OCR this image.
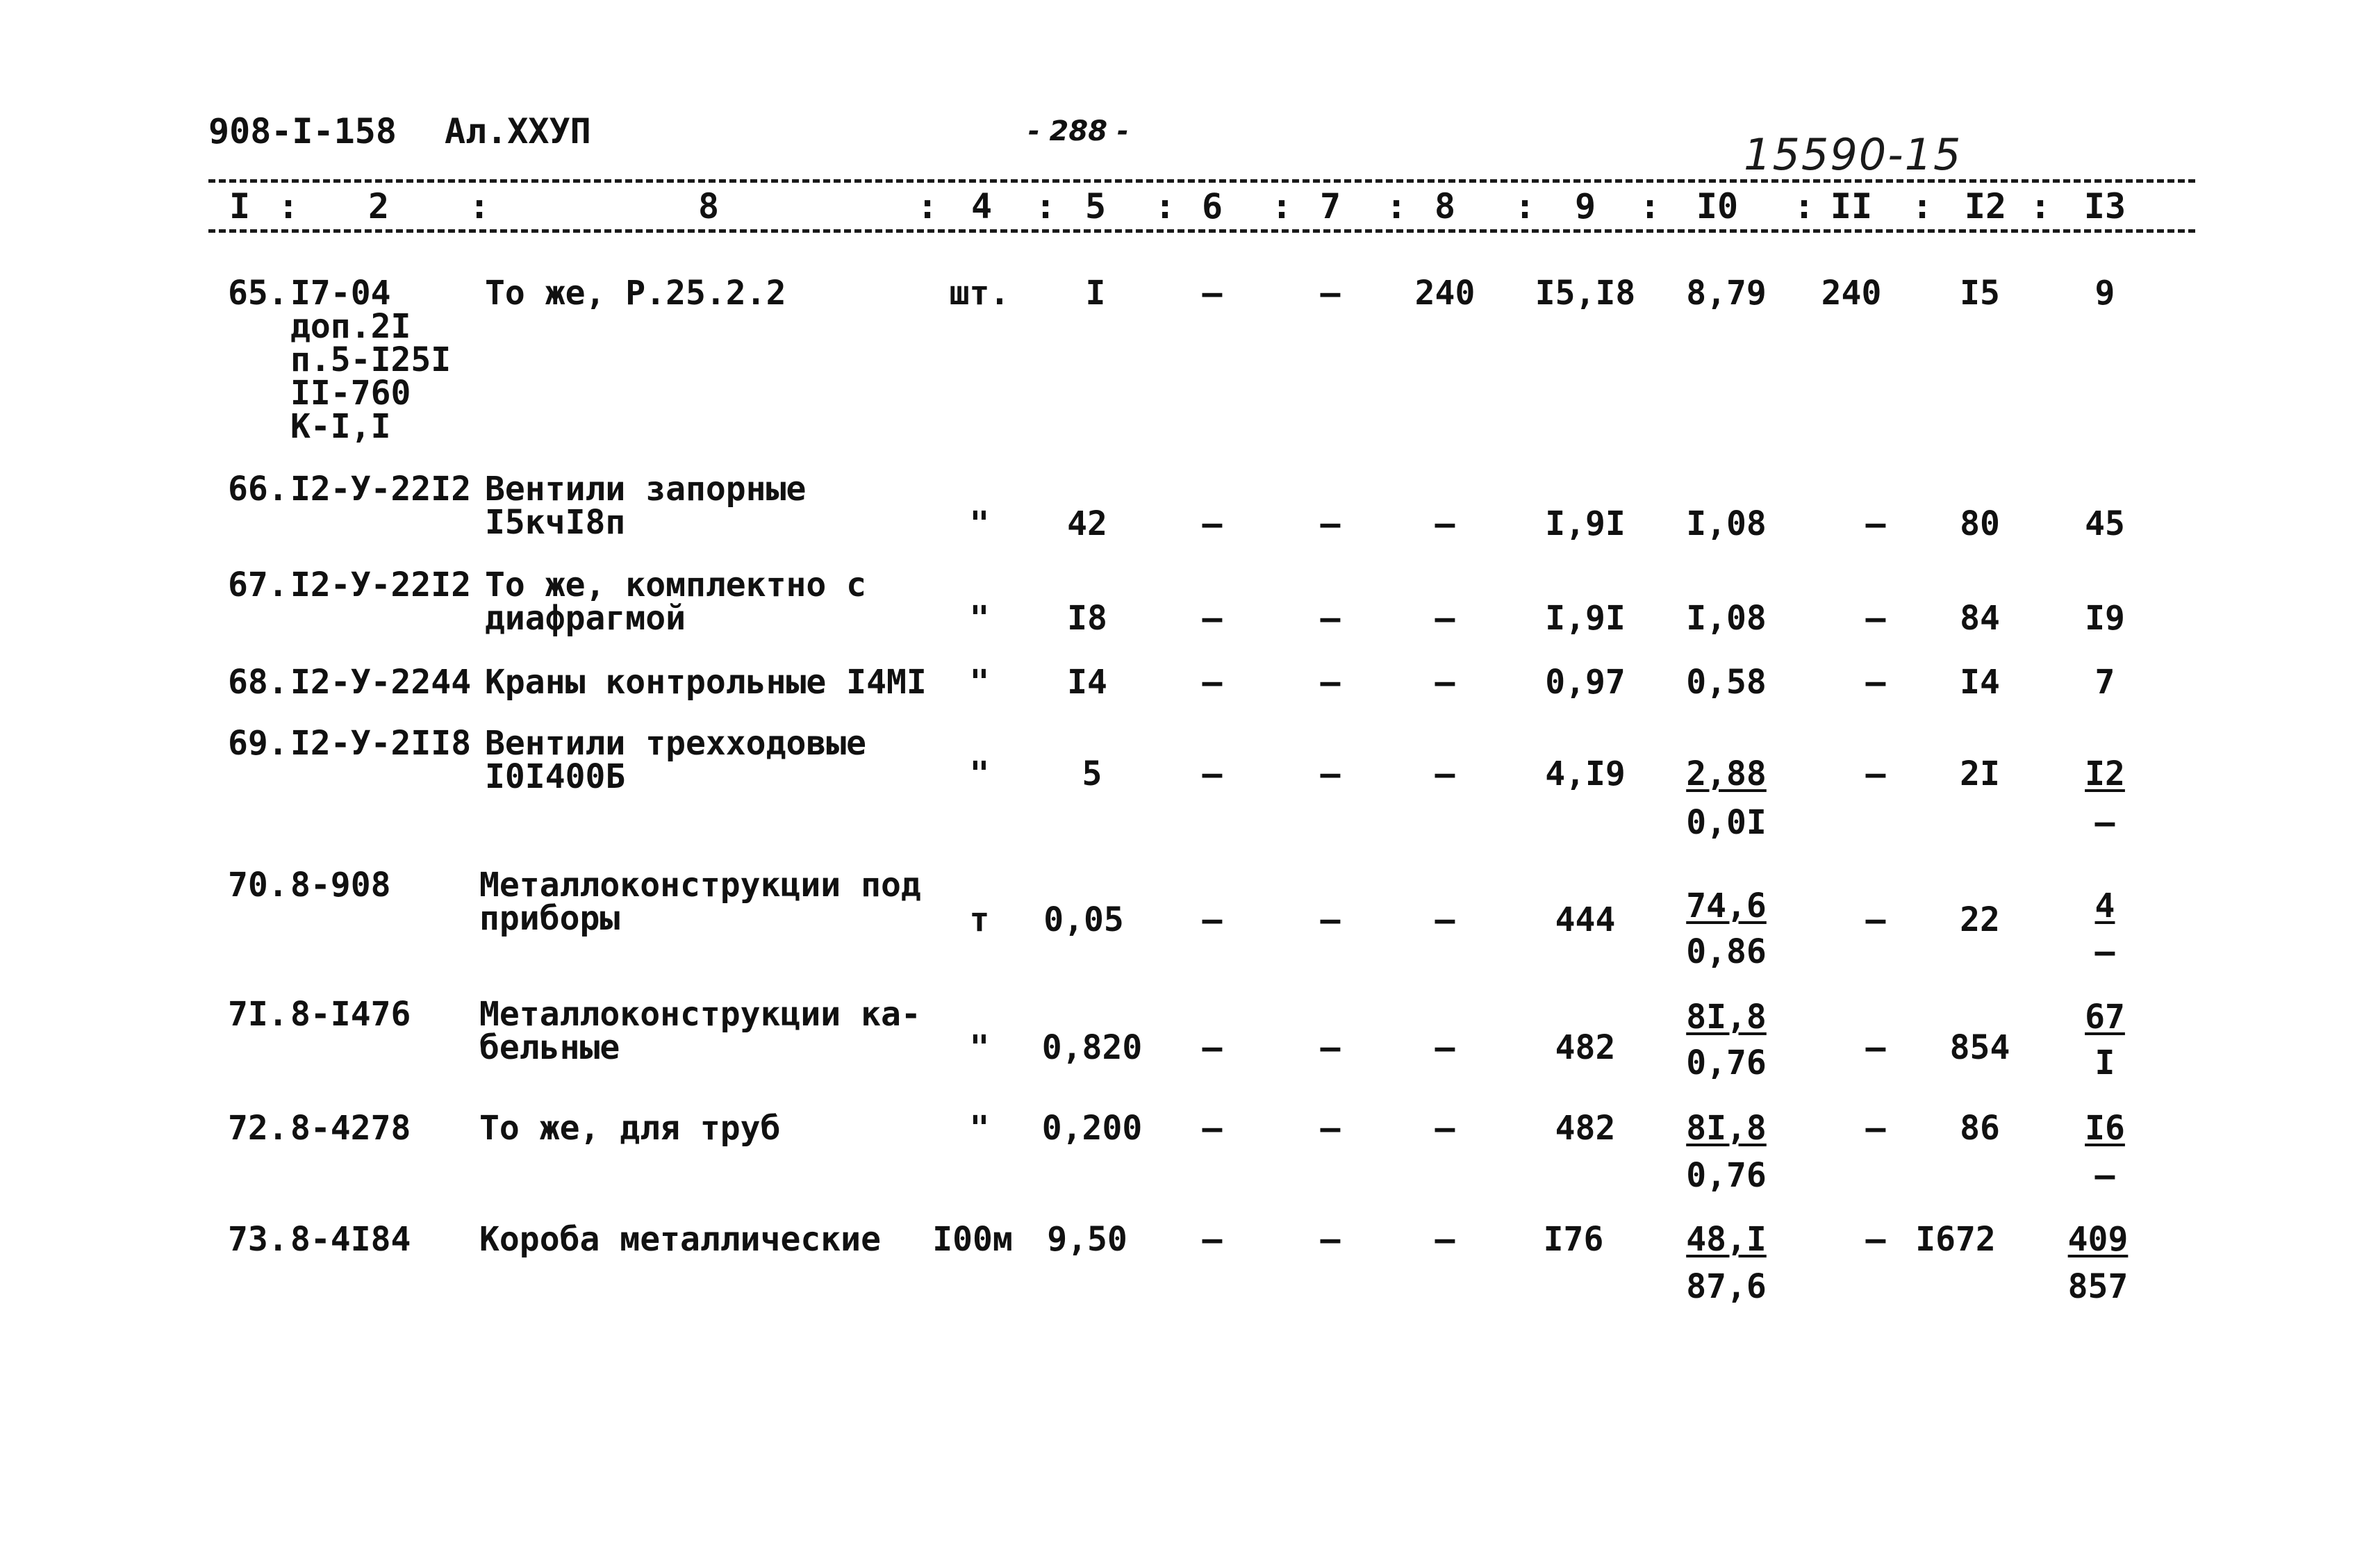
908-I-158 Ал.XXУП	- 288 -	15590-15
I	2	8	4	5	6	7	8	9	I0	II	I2 I3
:	:	:	:	:	:	:	:	:	:	:	:
65. I7-04
доп.2I
п.5-I25I
II-760
К-I,I
То же, Р.25.2.2	шт. I	–	– 240 I5,I8 8,79 240 I5	9
66. I2-У-22I2 Вентили запорные
I5кчI8п	" 42	–	–	–	I,9I I,08	– 80	45
67. I2-У-22I2 То же, комплектно с
диафрагмой	" I8	–	–	–	I,9I I,08	– 84	I9
68. I2-У-2244 Краны контрольные I4МI " I4	–	–	–	0,97 0,58	– I4	7
69. I2-У-2II8 Вентили трехходовые
I0I400Б	"	5	–	–	–	4,I9 2,88
0,0I
– 2I	I2
–
70. 8-908	Металлоконструкции под
приборы	т 0,05 –	–	–	444 74,6
0,86
– 22	4
–
7I. 8-I476 Металлоконструкции ка-
бельные	" 0,820 –	–	–	482
8I,8
0,76	– 854
67
I
72. 8-4278 То же, для труб	" 0,200 –	–	–	482 8I,8
0,76
– 86	I6
–
73. 8-4I84 Короба металлические I00м 9,50 –	–	–	I76 48,I
87,6
– I672 409
857
